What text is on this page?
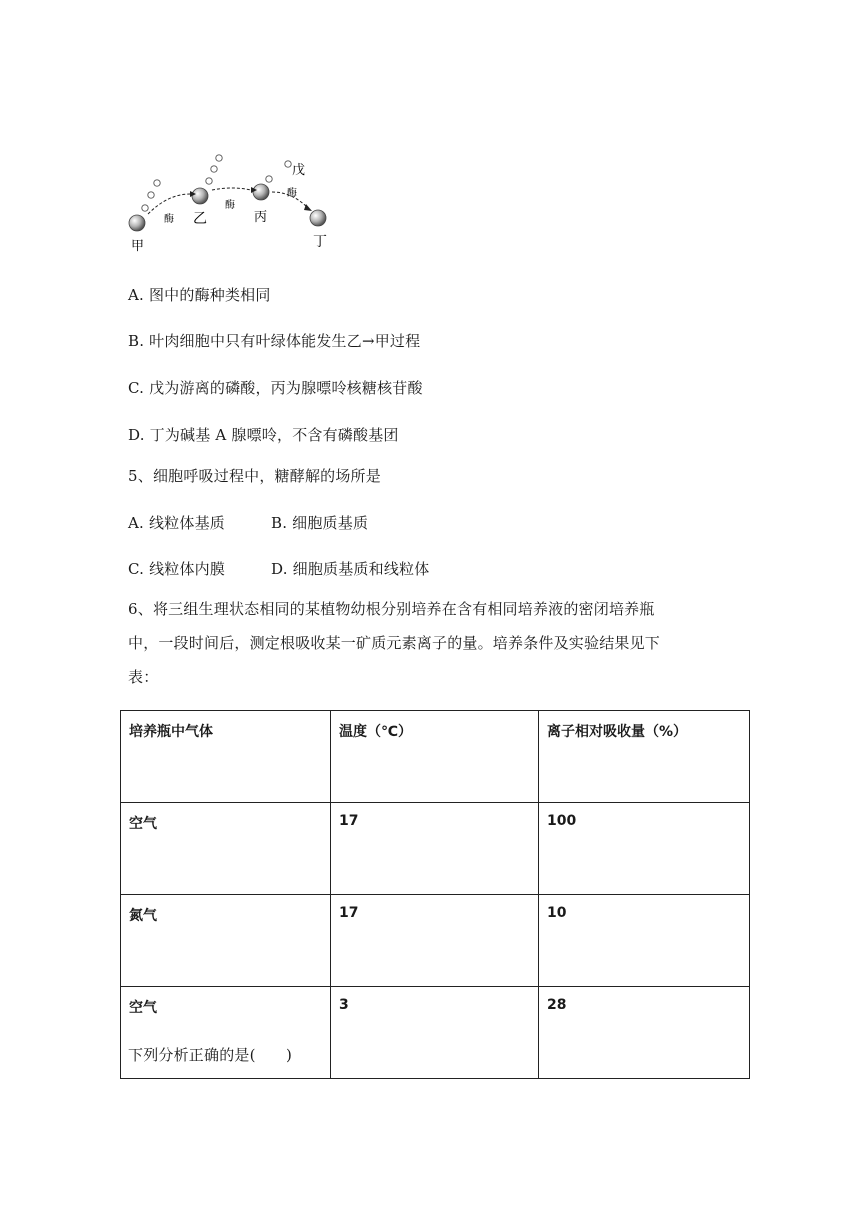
甲
乙	丙
丁
戊
酶
酶
酶
A. 图中的酶种类相同
B. 叶肉细胞中只有叶绿体能发生乙→甲过程
C. 戊为游离的磷酸，丙为腺嘌呤核糖核苷酸
D. 丁为碱基 A 腺嘌呤，不含有磷酸基团
5、细胞呼吸过程中，糖酵解的场所是
A. 线粒体基质	B. 细胞质基质
C. 线粒体内膜	D. 细胞质基质和线粒体
6、将三组生理状态相同的某植物幼根分别培养在含有相同培养液的密闭培养瓶
中，一段时间后，测定根吸收某一矿质元素离子的量。培养条件及实验结果见下
表：
培养瓶中气体	温度（℃）	离子相对吸收量（%）
空气	17	100
氮气	17	10
空气	3	28
下列分析正确的是(　　)
